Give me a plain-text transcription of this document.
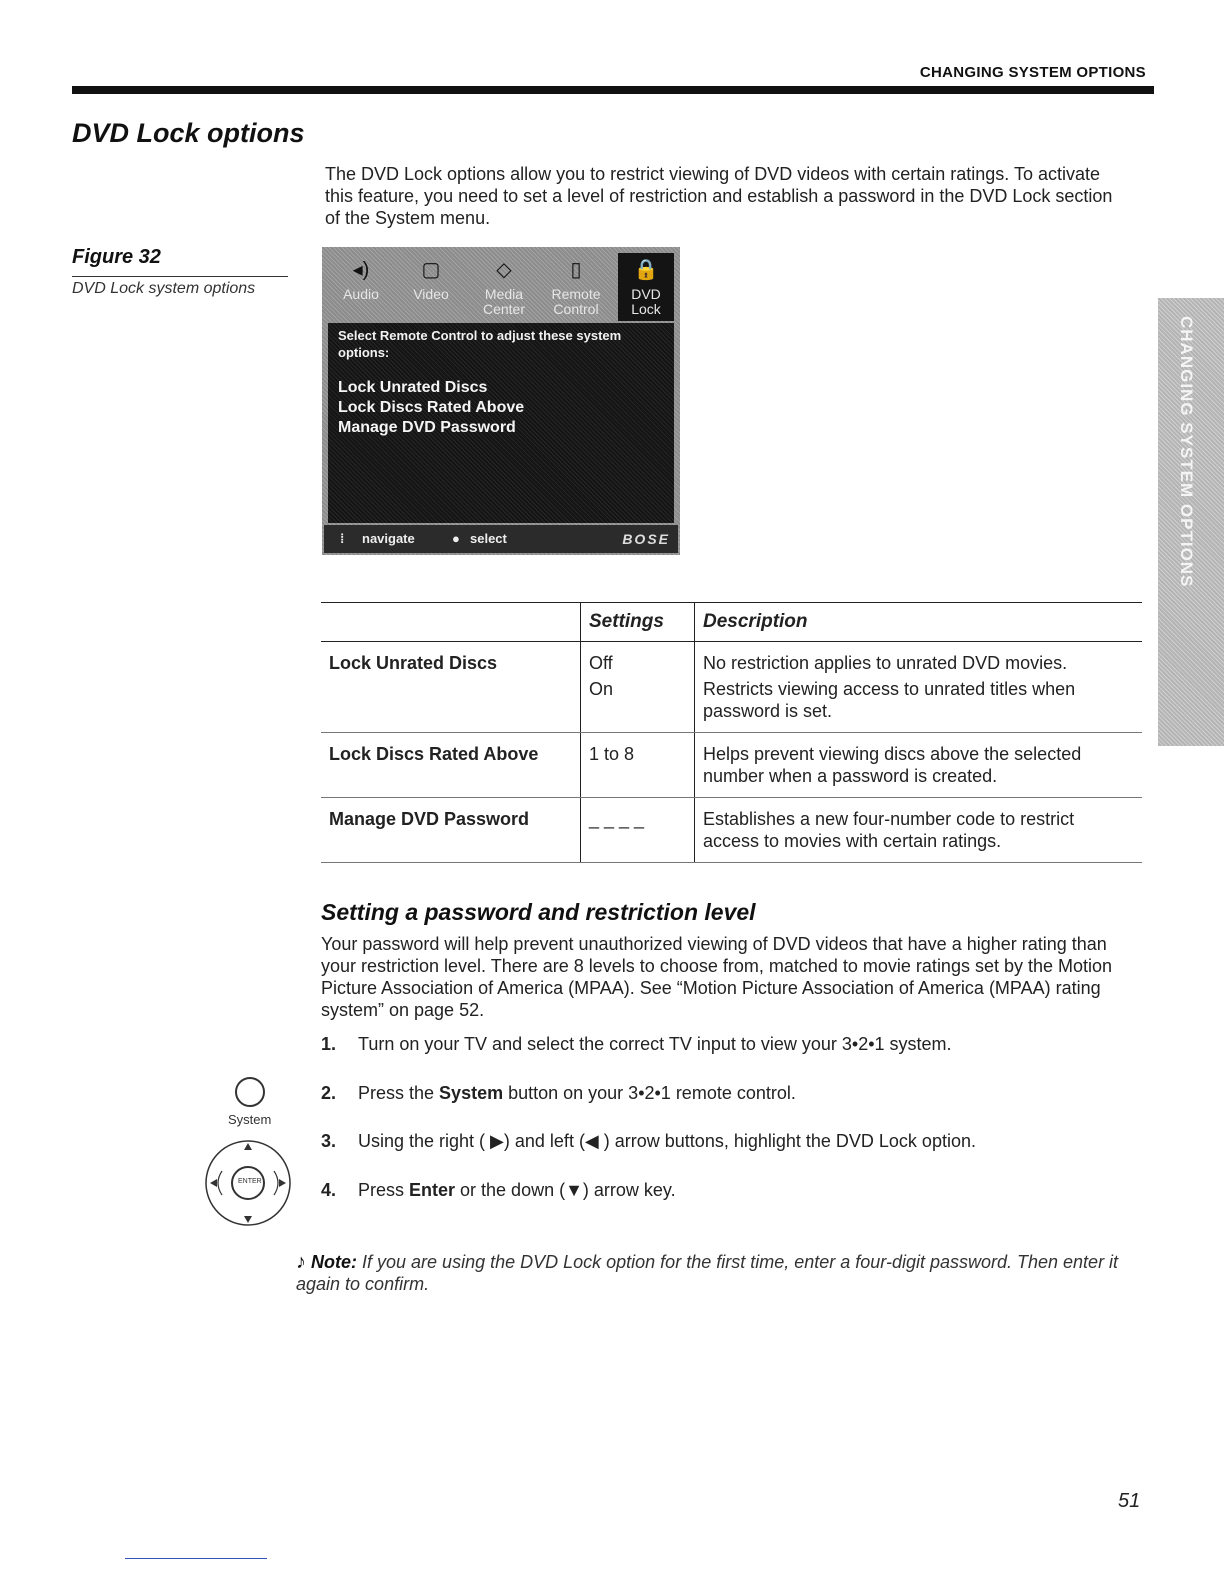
CHANGING SYSTEM OPTIONS
DVD Lock options
The DVD Lock options allow you to restrict viewing of DVD videos with certain ratings. To activate this feature, you need to set a level of restriction and establish a password in the DVD Lock section of the System menu.
Figure 32
DVD Lock system options
◂)
Audio
▢
Video
◇
Media Center
▯
Remote Control
🔒
DVD Lock
Select Remote Control to adjust these system options:
Lock Unrated Discs
Lock Discs Rated Above
Manage DVD Password
⁞ navigate	● select	BOSE	CHANGING SYSTEM OPTIONS
	Settings	Description
Lock Unrated Discs	Off	No restriction applies to unrated DVD movies.
	On	Restricts viewing access to unrated titles when password is set.
Lock Discs Rated Above	1 to 8	Helps prevent viewing discs above the selected number when a password is created.
Manage DVD Password	_ _ _ _	Establishes a new four-number code to restrict access to movies with certain ratings.
Setting a password and restriction level
Your password will help prevent unauthorized viewing of DVD videos that have a higher rating than your restriction level. There are 8 levels to choose from, matched to movie ratings set by the Motion Picture Association of America (MPAA). See “Motion Picture Association of America (MPAA) rating system” on page 52.
1. Turn on your TV and select the correct TV input to view your 3•2•1 system.
2. Press the System button on your 3•2•1 remote control.
3. Using the right ( ▶) and left (◀ ) arrow buttons, highlight the DVD Lock option.
4. Press Enter or the down (▼) arrow key.
System
ENTER
♪ Note: If you are using the DVD Lock option for the first time, enter a four-digit password. Then enter it again to confirm.
51
